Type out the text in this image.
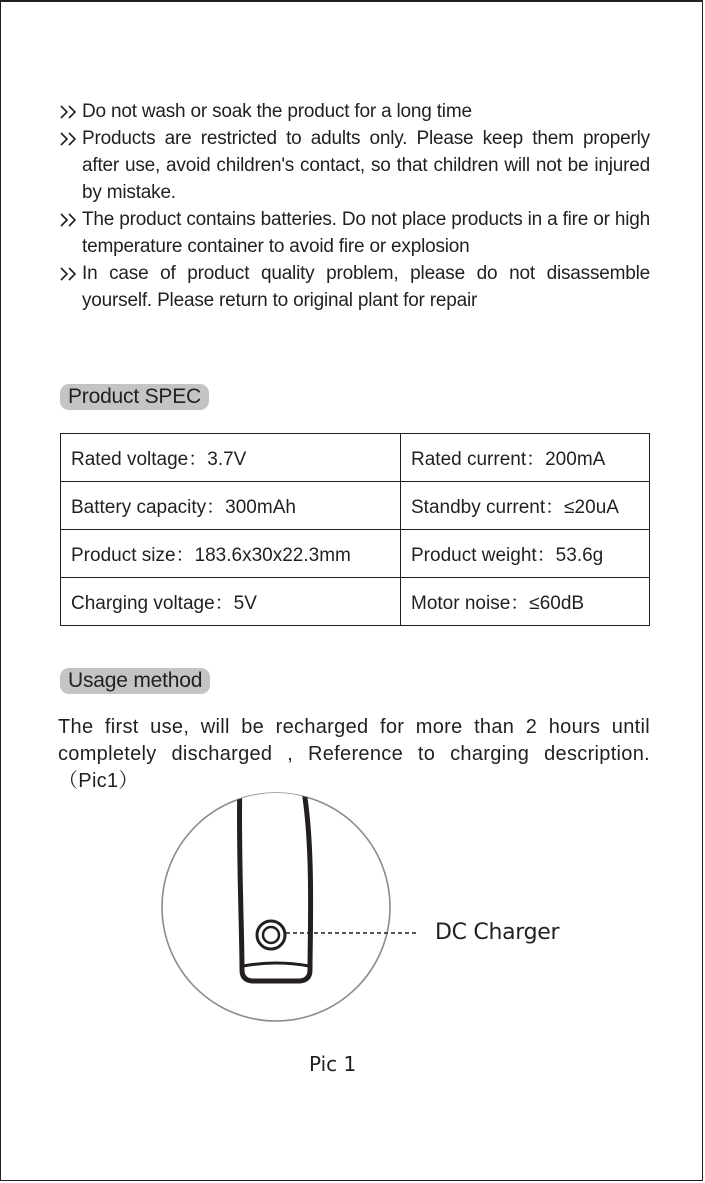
Do not wash or soak the product for a long time
Products are restricted to adults only. Please keep them properly after use, avoid children's contact, so that children will not be injured by mistake.
The product contains batteries. Do not place products in a fire or high temperature container to avoid fire or explosion
In case of product quality problem, please do not disassemble yourself. Please return to original plant for repair
Product SPEC
Rated voltage：3.7V	Rated current：200mA
Battery capacity：300mAh	Standby current：≤20uA
Product size：183.6x30x22.3mm	Product weight：53.6g
Charging voltage：5V	Motor noise：≤60dB
Usage method
The first use, will be recharged for more than 2 hours until completely discharged , Reference to charging description. （Pic1）
DC Charger
Pic 1
